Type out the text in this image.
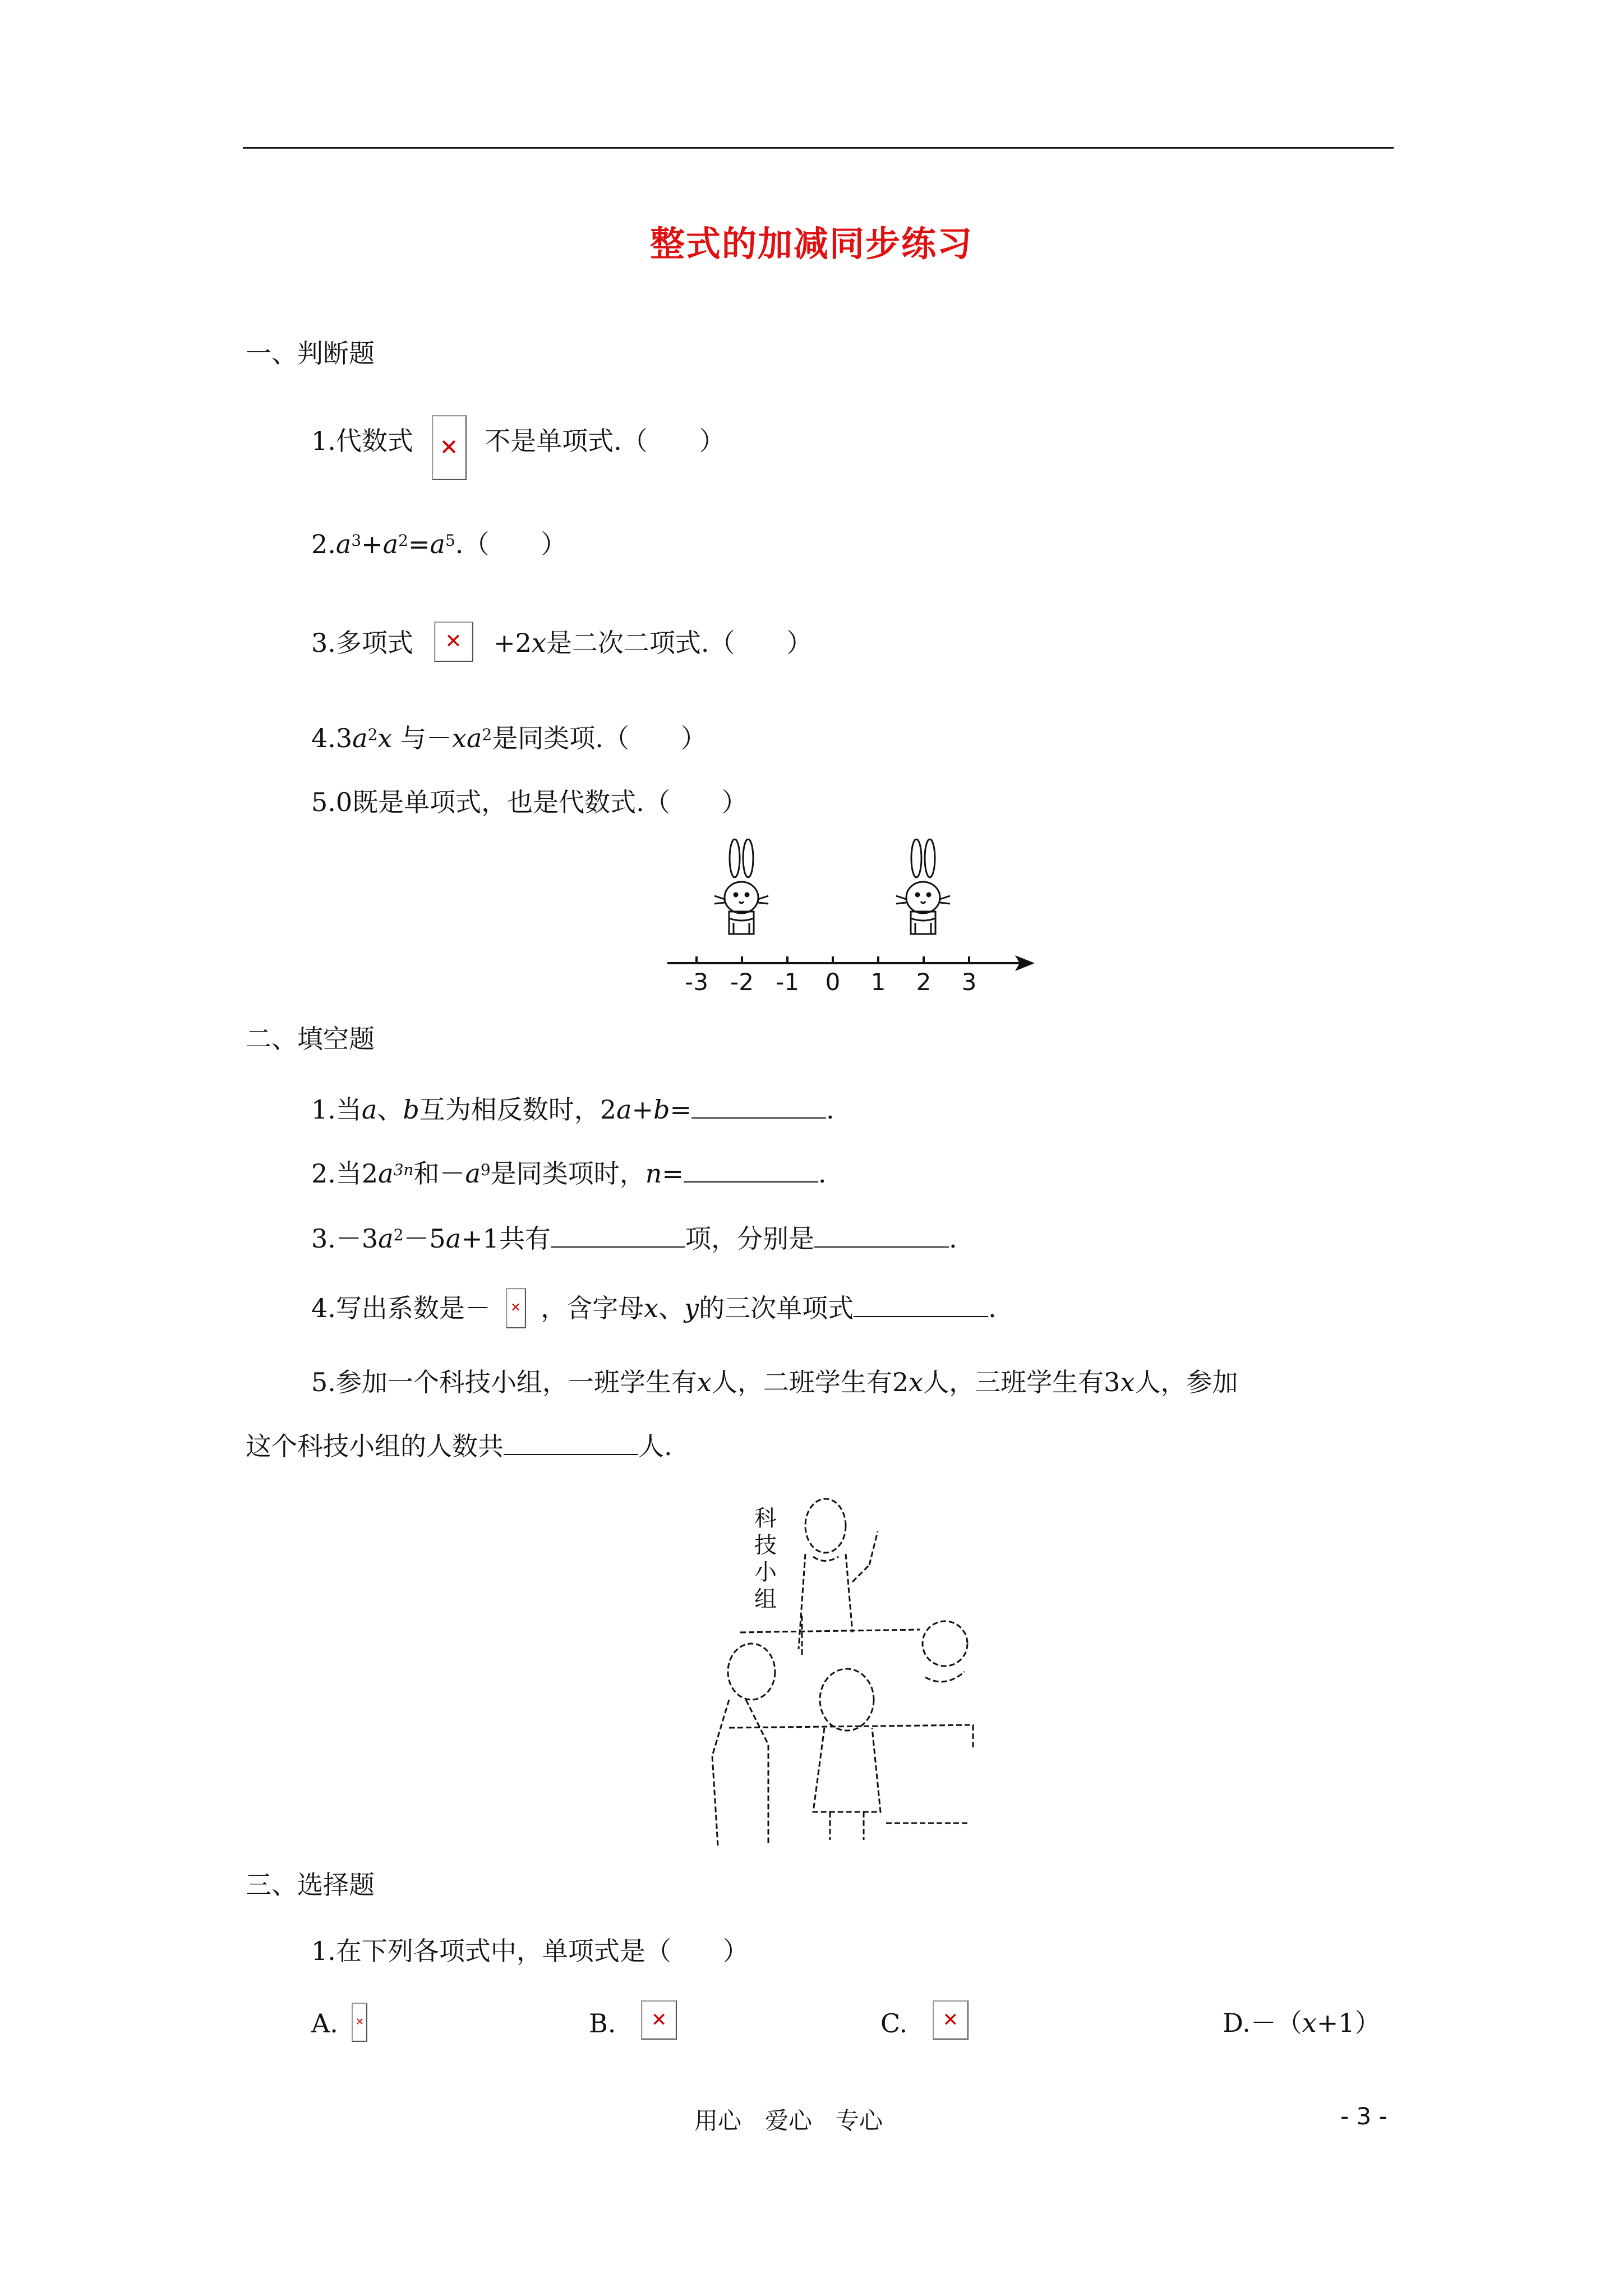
整式的加减同步练习
一、判断题
1.代数式 ✕ 不是单项式.（　　）
$2.a^3+a^2=a^5$.（　　）
3.多项式 ✕ +2x是二次二项式.（　　）
$4.3a^2x$ 与$-xa^2$是同类项.（　　）
5.0既是单项式，也是代数式.（　　）
-3 -2 -1 0 1 2 3
二、填空题
1.当a、b互为相反数时，2a+b=	.
2.当$2a^{3n}$和$-a^9$是同类项时，n=	.
$3.-3a^2-5a+1$共有	项，分别是	.
4.写出系数是－ ✕ ，含字母x、y的三次单项式	.
5.参加一个科技小组，一班学生有x人，二班学生有2x人，三班学生有3x人，参加
这个科技小组的人数共	人.
科
技
小
组
三、选择题
1.在下列各项式中，单项式是（　　）
A. ✕	B. ✕	C. ✕	D.－（x+1）
用心　爱心　专心	- 3 -
